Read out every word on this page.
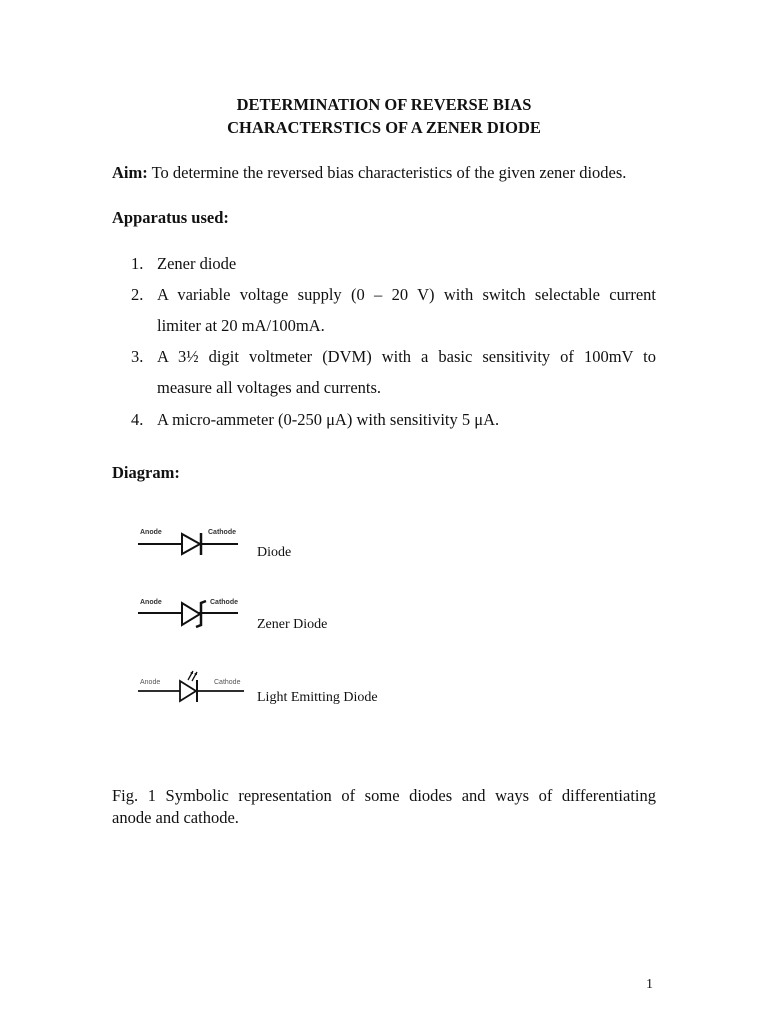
DETERMINATION OF REVERSE BIAS
CHARACTERSTICS OF A ZENER DIODE

Aim: To determine the reversed bias characteristics of the given zener diodes.

Apparatus used:

1. Zener diode
2. A variable voltage supply (0 – 20 V) with switch selectable current
limiter at 20 mA/100mA.
3. A 3½ digit voltmeter (DVM) with a basic sensitivity of 100mV to
measure all voltages and currents.
4. A micro-ammeter (0-250 μA) with sensitivity 5 μA.

Diagram:

Anode	Cathode
Diode
Anode	Cathode
Zener Diode
Anode	Cathode
Light Emitting Diode

Fig. 1 Symbolic representation of some diodes and ways of differentiating
anode and cathode.

1
